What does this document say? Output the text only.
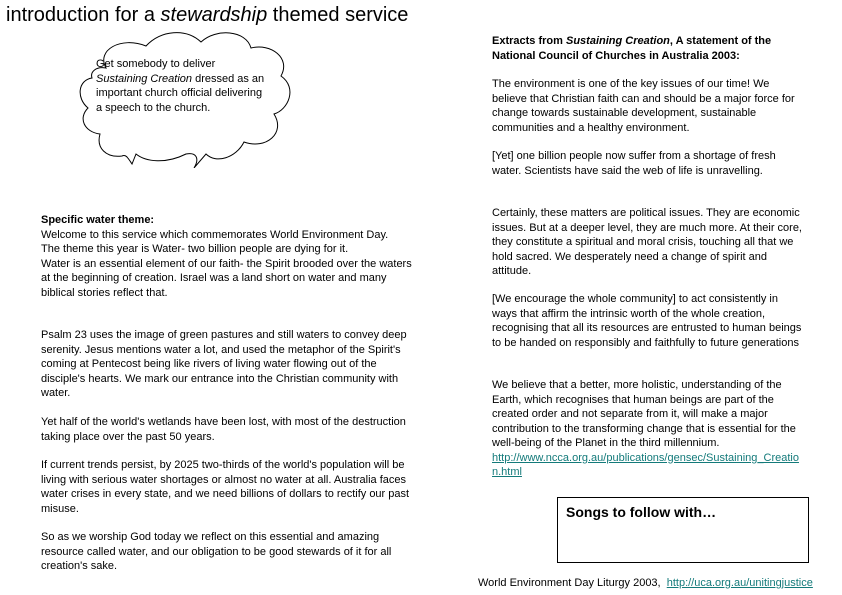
introduction for a stewardship themed service
Get somebody to deliver Sustaining Creation dressed as an important church official delivering a speech to the church.
Specific water theme:
Welcome to this service which commemorates World Environment Day.
The theme this year is Water- two billion people are dying for it.
Water is an essential element of our faith- the Spirit brooded over the waters at the beginning of creation. Israel was a land short on water and many biblical stories reflect that.
Psalm 23 uses the image of green pastures and still waters to convey deep serenity. Jesus mentions water a lot, and used the metaphor of the Spirit's coming at Pentecost being like rivers of living water flowing out of the disciple's hearts. We mark our entrance into the Christian community with water.
Yet half of the world's wetlands have been lost, with most of the destruction taking place over the past 50 years.
If current trends persist, by 2025 two-thirds of the world's population will be living with serious water shortages or almost no water at all. Australia faces water crises in every state, and we need billions of dollars to rectify our past misuse.
So as we worship God today we reflect on this essential and amazing resource called water, and our obligation to be good stewards of it for all creation's sake.
Extracts from Sustaining Creation, A statement of the National Council of Churches in Australia 2003:
The environment is one of the key issues of our time! We believe that Christian faith can and should be a major force for change towards sustainable development, sustainable communities and a healthy environment.
[Yet] one billion people now suffer from a shortage of fresh water. Scientists have said the web of life is unravelling.
Certainly, these matters are political issues. They are economic issues. But at a deeper level, they are much more. At their core, they constitute a spiritual and moral crisis, touching all that we hold sacred. We desperately need a change of spirit and attitude.
[We encourage the whole community] to act consistently in ways that affirm the intrinsic worth of the whole creation, recognising that all its resources are entrusted to human beings to be handed on responsibly and faithfully to future generations
We believe that a better, more holistic, understanding of the Earth, which recognises that human beings are part of the created order and not separate from it, will make a major contribution to the transforming change that is essential for the well-being of the Planet in the third millennium.
http://www.ncca.org.au/publications/gensec/Sustaining_Creation.html
Songs to follow with…
World Environment Day Liturgy 2003,  http://uca.org.au/unitingjustice
